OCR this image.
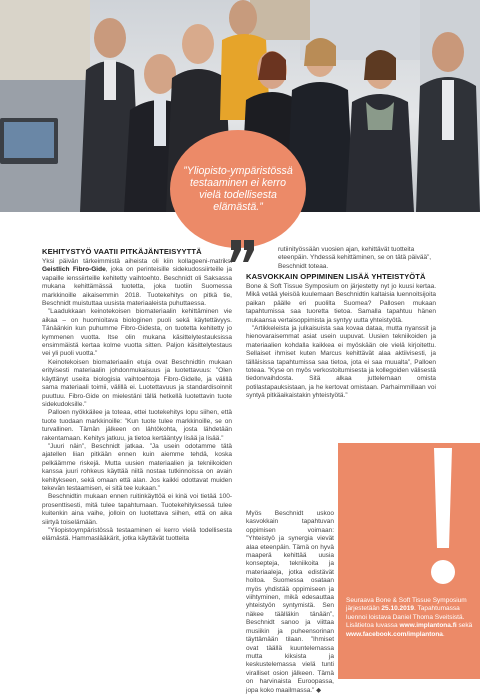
”Yliopisto-ympäristössä testaaminen ei kerro vielä todellisesta elämästä.”

KEHITYSTYÖ VAATII PITKÄJÄNTEISYYTTÄ

Yksi päivän tärkeimmistä aiheista oli kiin kollageeni-matriksi Geistlich Fibro-Gide, joka on perinteisille sidekudossiirteille ja vapaille ienssiirteille kehitetty vaihtoehto. Beschnidt oli Saksassa mukana kehittämässä tuotetta, joka tuotiin Suomessa markkinoille aikaisemmin 2018. Tuotekehitys on pitkä tie, Beschnidt muistuttaa uusista materiaaleista puhuttaessa.

”Laadukkaan keinotekoisen biomateriaalin kehittäminen vie aikaa – on huomioitava biologinen puoli sekä käytettävyys. Tänäänkin kun puhumme Fibro-Gidesta, on tuotetta kehitetty jo kymmenen vuotta. Itse olin mukana käsittelytestauksissa ensimmäistä kertaa kolme vuotta sitten. Paljon käsittelytestaus vei yli puoli vuotta.”

Keinotekoisen biomateriaalin etuja ovat Beschnidtin mukaan erityisesti materiaalin johdonmukaisuus ja luotettavuus: ”Olen käyttänyt useita biologisia vaihtoehtoja Fibro-Gidelle, ja välillä sama materiaali toimii, välillä ei. Luotettavuus ja standardisoinnit puuttuu. Fibro-Gide on mielestäni tällä hetkellä luotettavin tuote sidekudoksille.”

Palloen nyökkäilee ja toteaa, ettei tuotekehitys lopu siihen, että tuote tuodaan markkinoille: ”Kun tuote tulee markkinoille, se on turvallinen. Tämän jälkeen on lähtökohta, josta lähdetään rakentamaan. Kehitys jatkuu, ja tietoa kertääntyy lisää ja lisää.”

”Juuri näin”, Beschnidt jatkaa. ”Ja usein odotamme tätä ajatellen liian pitkään ennen kuin aiemme tehdä, koska pelkäämme riskejä. Mutta uusien materiaalien ja tekniikoiden kanssa juuri rohkeus käyttää niitä nostaa tutkinnoissa on avain kehitykseen, sekä omaan että alan. Jos kaikki odottavat muiden tekevän testaamisen, ei sitä tee kukaan.”

Beschnidtin mukaan ennen ruitinkäyttöä ei kinä voi tietää 100-prosenttisesti, mitä tulee tapahtumaan. Tuotekehityksessä tulee kuitenkin aina vaihe, jolloin on luotettava siihen, että on aika siirtyä toiselämään.

”Yliopistoympäristössä testaaminen ei kerro vielä todellisesta elämästä. Hammaslääkärit, jotka käyttävät tuotteita

rutiinityössään vuosien ajan, kehittävät tuotteita eteenpäin. Yhdessä kehittäminen, se on tätä päivää”, Beschnidt toteaa.

KASVOKKAIN OPPIMINEN LISÄÄ YHTEISTYÖTÄ

Bone & Soft Tissue Symposium on järjestetty nyt jo kuusi kertaa. Mikä vetää yleisöä kuulemaan Beschnidtin kaltaisia luennoitsijoita paikan päälle eri puolilta Suomea? Pallosen mukaan tapahtumissa saa tuoretta tietoa. Samalla tapahtuu hänen mukaansa vertaisoppimista ja syntyy uutta yhteistyötä.

”Artikkeleista ja julkaisuista saa kovaa dataa, mutta nyanssit ja hienovaraisemmat asiat usein uupuvat. Uusien tekniikoiden ja materiaalien kohdalla kaikkea ei myöskään ole vielä kirjoitettu. Sellaiset ihmiset kuten Marcus kehittävät alaa aktiivisesti, ja tälläisissa tapahtumissa saa tietoa, jota ei saa muualta”, Palloen toteaa. ”Kyse on myös verkostoitumisesta ja kollegoiden välisestä tiedonvaihdosta. Sitä alkaa juttelemaan omista potilastapauksistaan, ja he kertovat omistaan. Parhaimmillaan voi syntyä pitkäaikaistakin yhteistyötä.”

Myös Beschnidt uskoo kasvokkain tapahtuvan oppimisen voimaan: ”Yhteistyö ja synergia vievät alaa eteenpäin. Tämä on hyvä maaperä kehittää uusia konsepteja, tekniikoita ja materiaaleja, jotka edistävät hoitoa. Suomessa osataan myös yhdistää oppimiseen ja viihtyminen, mikä edesauttaa yhteistyön syntymistä. Sen näkee täälläkin tänään”, Beschnidt sanoo ja viittaa musiikin ja puheensorinan täyttämään tilaan. ”Ihmiset ovat täällä kuuntelemassa mutta kiksista ja keskustelemassa vielä tunti viralliset osion jälkeen. Tämä on harvinaista Euroopassa, jopa koko maailmassa.” ◆

Seuraava Bone & Soft Tissue Symposium järjestetään 25.10.2019. Tapahtumassa luennoi loistava Daniel Thoma Sveitsistä. Lisätietoa luvassa www.implantona.fi sekä www.facebook.com/implantona.
